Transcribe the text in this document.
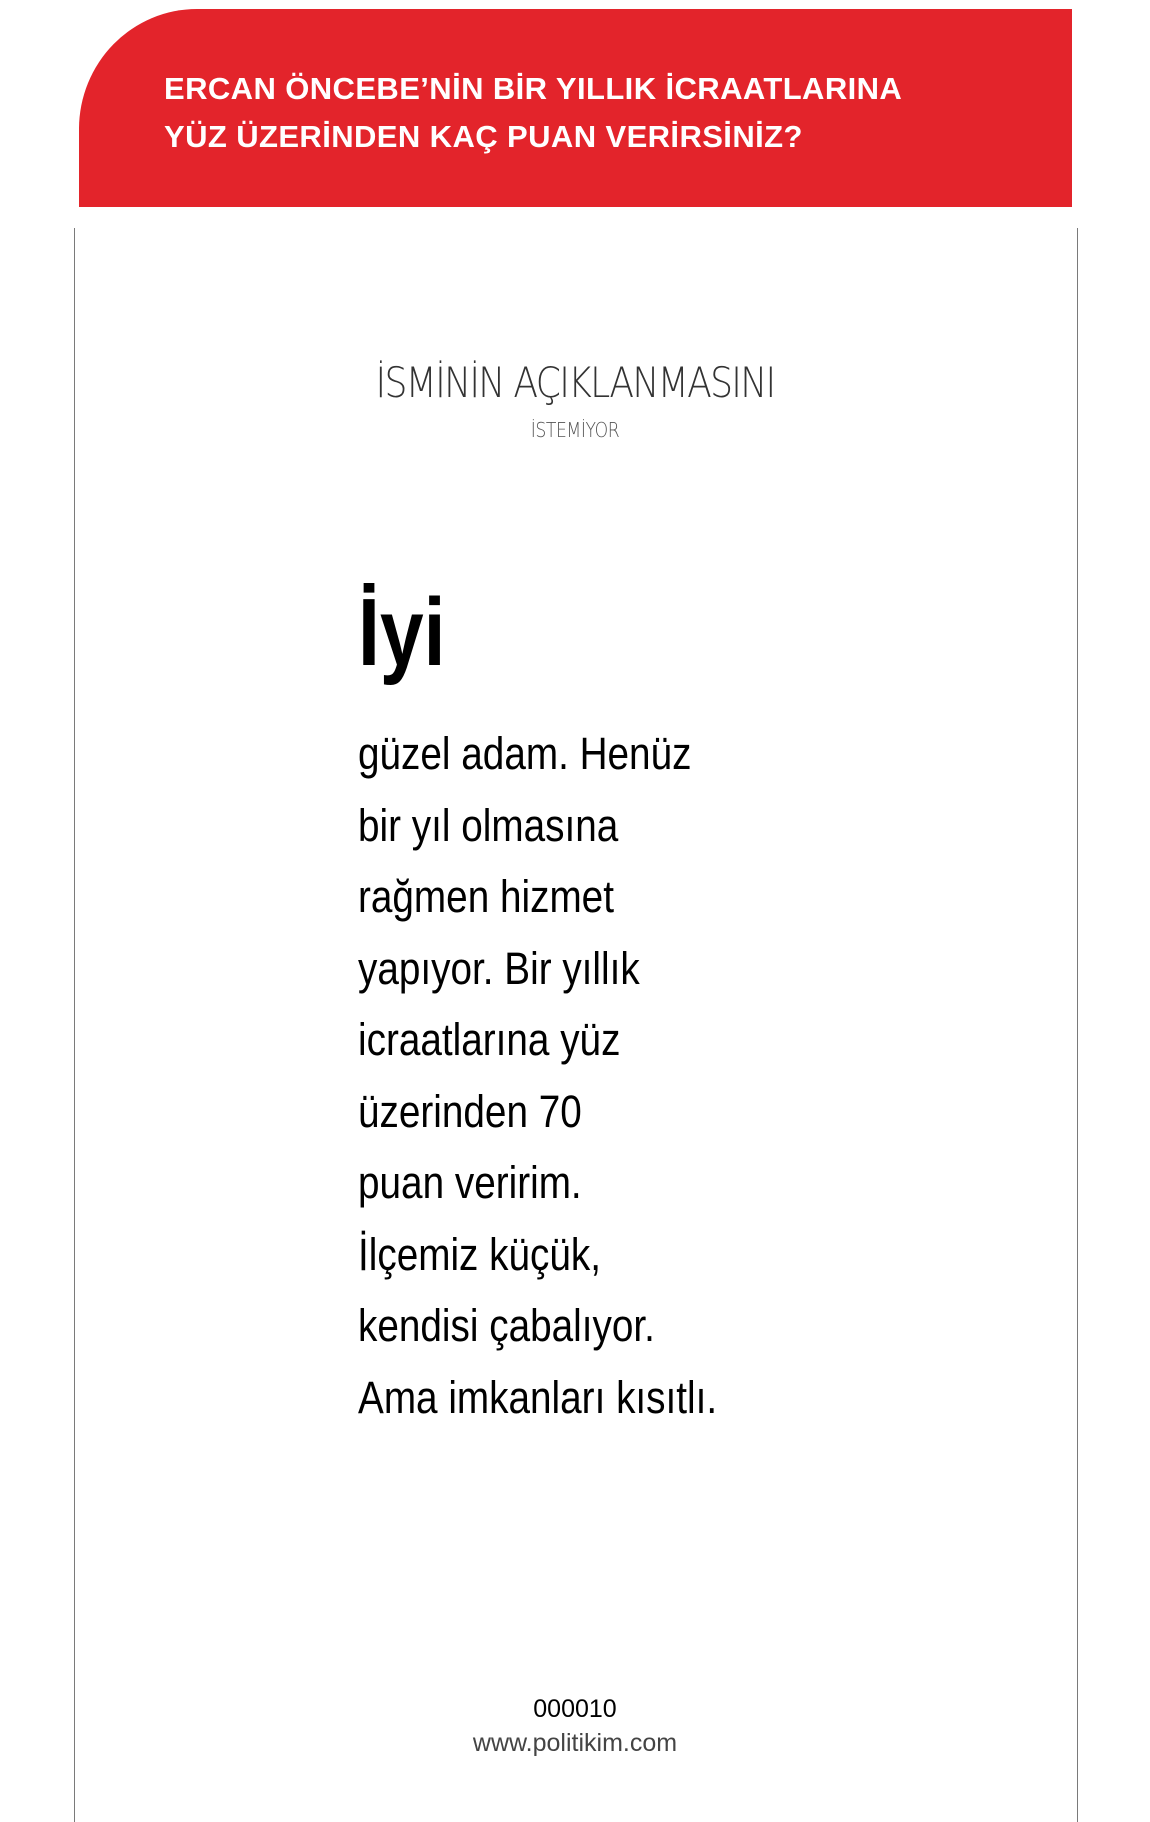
ERCAN ÖNCEBE’NİN BİR YILLIK İCRAATLARINA
YÜZ ÜZERİNDEN KAÇ PUAN VERİRSİNİZ?
İSMİNİN AÇIKLANMASINI
İSTEMİYOR
İyi

güzel adam. Henüz
bir yıl olmasına
rağmen hizmet
yapıyor. Bir yıllık
icraatlarına yüz
üzerinden 70
puan veririm.
İlçemiz küçük,
kendisi çabalıyor.
Ama imkanları kısıtlı.

000010
www.politikim.com
